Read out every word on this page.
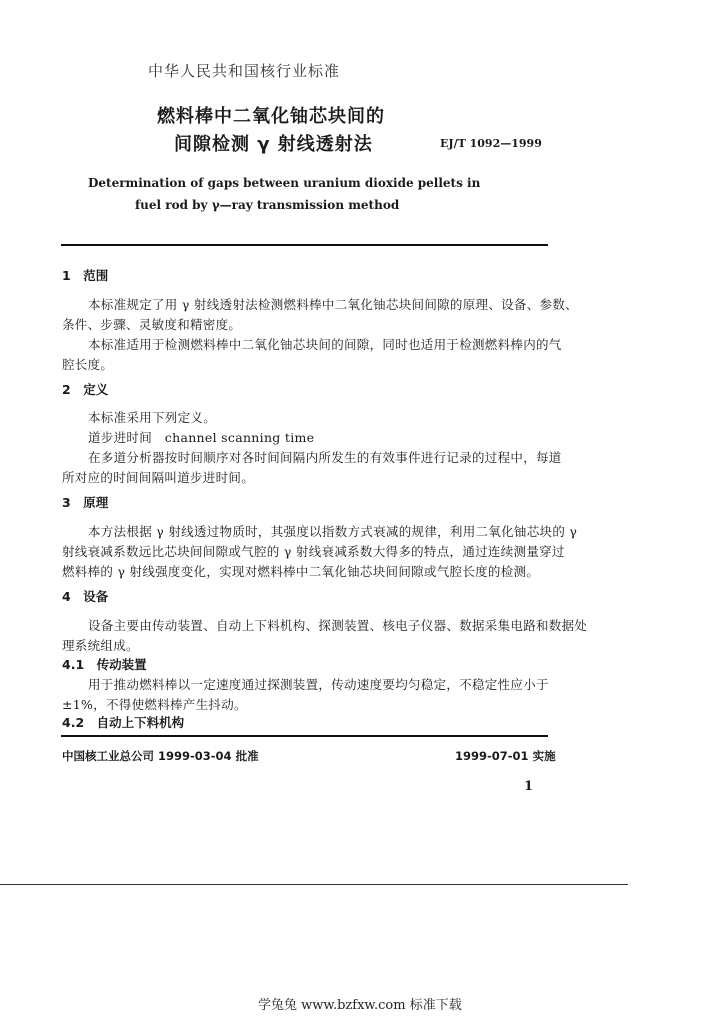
中华人民共和国核行业标准
燃料棒中二氧化铀芯块间的
间隙检测 γ 射线透射法	EJ/T 1092—1999
Determination of gaps between uranium dioxide pellets in
fuel rod by γ—ray transmission method
1　范围
本标准规定了用 γ 射线透射法检测燃料棒中二氧化铀芯块间间隙的原理、设备、参数、
条件、步骤、灵敏度和精密度。
本标准适用于检测燃料棒中二氧化铀芯块间的间隙，同时也适用于检测燃料棒内的气
腔长度。
2　定义
本标准采用下列定义。
道步进时间　channel scanning time
在多道分析器按时间顺序对各时间间隔内所发生的有效事件进行记录的过程中，每道
所对应的时间间隔叫道步进时间。
3　原理
本方法根据 γ 射线透过物质时，其强度以指数方式衰减的规律，利用二氧化铀芯块的 γ
射线衰减系数远比芯块间间隙或气腔的 γ 射线衰减系数大得多的特点，通过连续测量穿过
燃料棒的 γ 射线强度变化，实现对燃料棒中二氧化铀芯块间间隙或气腔长度的检测。
4　设备
设备主要由传动装置、自动上下料机构、探测装置、核电子仪器、数据采集电路和数据处
理系统组成。
4.1　传动装置
用于推动燃料棒以一定速度通过探测装置，传动速度要均匀稳定，不稳定性应小于
±1%，不得使燃料棒产生抖动。
4.2　自动上下料机构
中国核工业总公司 1999-03-04 批准	1999-07-01 实施
1
学兔兔 www.bzfxw.com 标准下载
